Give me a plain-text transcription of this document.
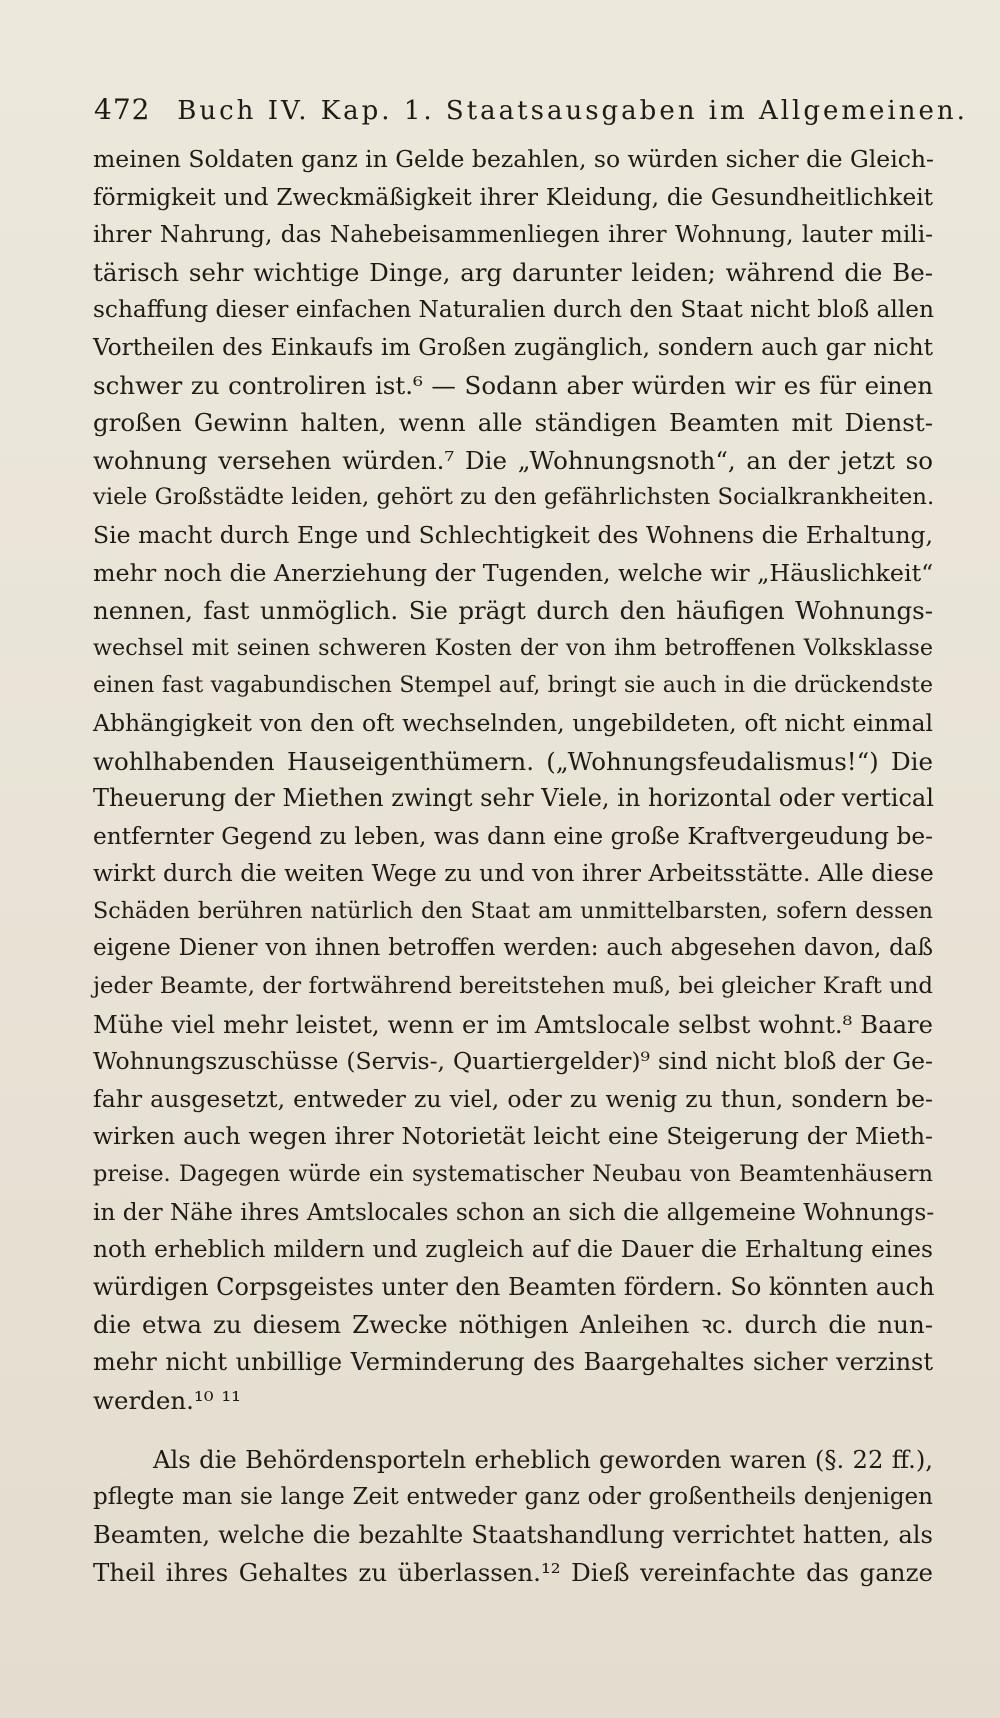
472 Buch IV. Kap. 1. Staatsausgaben im Allgemeinen.
meinen Soldaten ganz in Gelde bezahlen, so würden sicher die Gleich-
förmigkeit und Zweckmäßigkeit ihrer Kleidung, die Gesundheitlichkeit
ihrer Nahrung, das Nahebeisammenliegen ihrer Wohnung, lauter mili-
tärisch sehr wichtige Dinge, arg darunter leiden; während die Be-
schaffung dieser einfachen Naturalien durch den Staat nicht bloß allen
Vortheilen des Einkaufs im Großen zugänglich, sondern auch gar nicht
schwer zu controliren ist.⁶ — Sodann aber würden wir es für einen
großen Gewinn halten, wenn alle ständigen Beamten mit Dienst-
wohnung versehen würden.⁷ Die „Wohnungsnoth“, an der jetzt so
viele Großstädte leiden, gehört zu den gefährlichsten Socialkrankheiten.
Sie macht durch Enge und Schlechtigkeit des Wohnens die Erhaltung,
mehr noch die Anerziehung der Tugenden, welche wir „Häuslichkeit“
nennen, fast unmöglich. Sie prägt durch den häufigen Wohnungs-
wechsel mit seinen schweren Kosten der von ihm betroffenen Volksklasse
einen fast vagabundischen Stempel auf, bringt sie auch in die drückendste
Abhängigkeit von den oft wechselnden, ungebildeten, oft nicht einmal
wohlhabenden Hauseigenthümern. („Wohnungsfeudalismus!“) Die
Theuerung der Miethen zwingt sehr Viele, in horizontal oder vertical
entfernter Gegend zu leben, was dann eine große Kraftvergeudung be-
wirkt durch die weiten Wege zu und von ihrer Arbeitsstätte. Alle diese
Schäden berühren natürlich den Staat am unmittelbarsten, sofern dessen
eigene Diener von ihnen betroffen werden: auch abgesehen davon, daß
jeder Beamte, der fortwährend bereitstehen muß, bei gleicher Kraft und
Mühe viel mehr leistet, wenn er im Amtslocale selbst wohnt.⁸ Baare
Wohnungszuschüsse (Servis-, Quartiergelder)⁹ sind nicht bloß der Ge-
fahr ausgesetzt, entweder zu viel, oder zu wenig zu thun, sondern be-
wirken auch wegen ihrer Notorietät leicht eine Steigerung der Mieth-
preise. Dagegen würde ein systematischer Neubau von Beamtenhäusern
in der Nähe ihres Amtslocales schon an sich die allgemeine Wohnungs-
noth erheblich mildern und zugleich auf die Dauer die Erhaltung eines
würdigen Corpsgeistes unter den Beamten fördern. So könnten auch
die etwa zu diesem Zwecke nöthigen Anleihen ꝛc. durch die nun-
mehr nicht unbillige Verminderung des Baargehaltes sicher verzinst
werden.¹⁰ ¹¹
Als die Behördensporteln erheblich geworden waren (§. 22 ff.),
pflegte man sie lange Zeit entweder ganz oder großentheils denjenigen
Beamten, welche die bezahlte Staatshandlung verrichtet hatten, als
Theil ihres Gehaltes zu überlassen.¹² Dieß vereinfachte das ganze
